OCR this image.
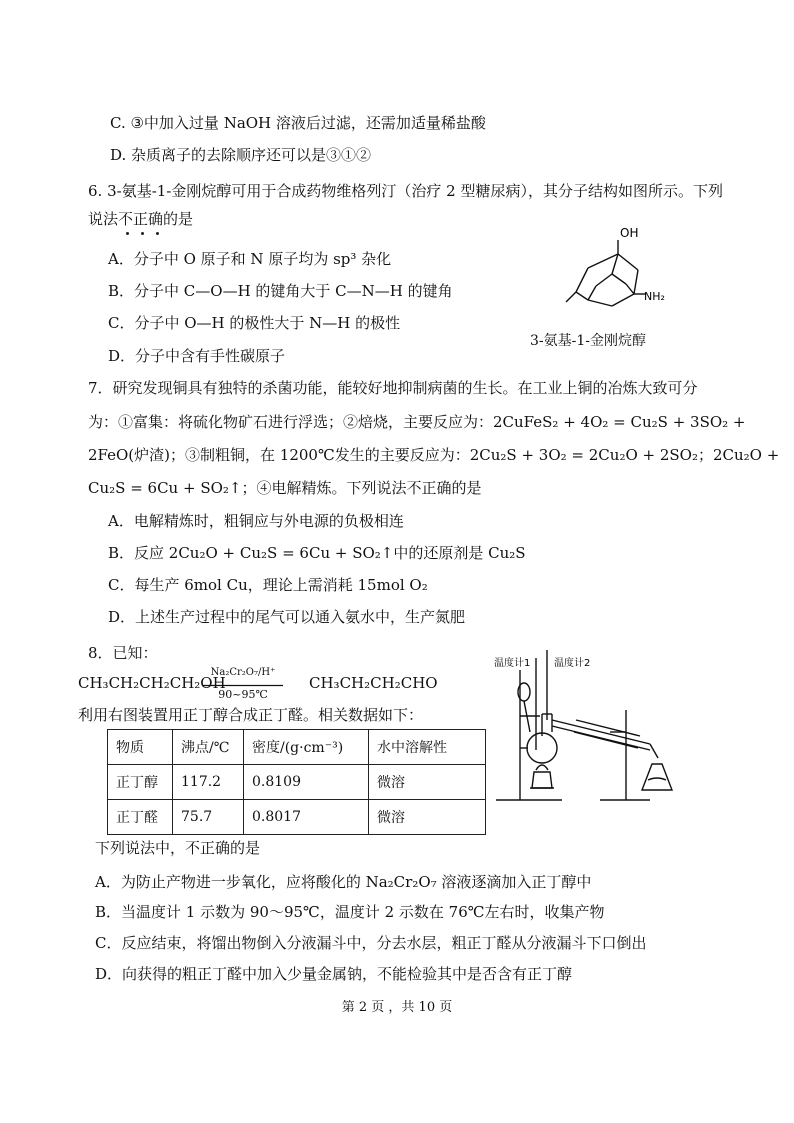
C. ③中加入过量 NaOH 溶液后过滤，还需加适量稀盐酸
D. 杂质离子的去除顺序还可以是③①②
6. 3-氨基-1-金刚烷醇可用于合成药物维格列汀（治疗 2 型糖尿病），其分子结构如图所示。下列
说法不正确的是
A．分子中 O 原子和 N 原子均为 sp³ 杂化
B．分子中 C—O—H 的键角大于 C—N—H 的键角
C．分子中 O—H 的极性大于 N—H 的极性
D．分子中含有手性碳原子
OH
NH₂
3-氨基-1-金刚烷醇
7．研究发现铜具有独特的杀菌功能，能较好地抑制病菌的生长。在工业上铜的冶炼大致可分
为：①富集：将硫化物矿石进行浮选；②焙烧，主要反应为：2CuFeS₂ + 4O₂ = Cu₂S + 3SO₂ +
2FeO(炉渣)；③制粗铜，在 1200℃发生的主要反应为：2Cu₂S + 3O₂ = 2Cu₂O + 2SO₂；2Cu₂O +
Cu₂S = 6Cu + SO₂↑；④电解精炼。下列说法不正确的是
A．电解精炼时，粗铜应与外电源的负极相连
B．反应 2Cu₂O + Cu₂S = 6Cu + SO₂↑中的还原剂是 Cu₂S
C．每生产 6mol Cu，理论上需消耗 15mol O₂
D．上述生产过程中的尾气可以通入氨水中，生产氮肥
8．已知：
CH₃CH₂CH₂CH₂OH
Na₂Cr₂O₇/H⁺
90~95℃
CH₃CH₂CH₂CHO
利用右图装置用正丁醇合成正丁醛。相关数据如下：
物质	沸点/℃	密度/(g·cm⁻³)	水中溶解性
正丁醇	117.2	0.8109	微溶
正丁醛	75.7	0.8017	微溶
温度计1 温度计2
下列说法中，不正确的是
A．为防止产物进一步氧化，应将酸化的 Na₂Cr₂O₇ 溶液逐滴加入正丁醇中
B．当温度计 1 示数为 90～95℃，温度计 2 示数在 76℃左右时，收集产物
C．反应结束，将馏出物倒入分液漏斗中，分去水层，粗正丁醛从分液漏斗下口倒出
D．向获得的粗正丁醛中加入少量金属钠，不能检验其中是否含有正丁醇
第 2 页 ，共 10 页
